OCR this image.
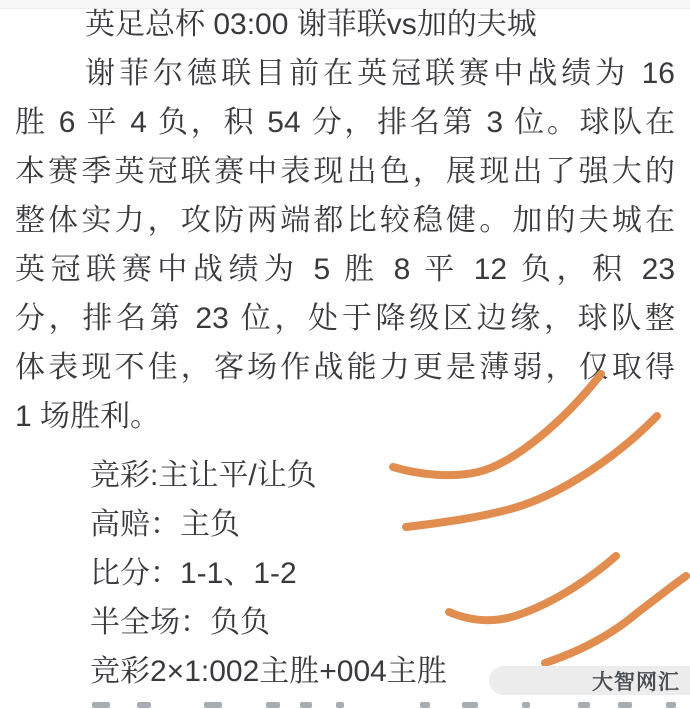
英足总杯 03:00 谢菲联vs加的夫城
谢菲尔德联目前在英冠联赛中战绩为 16
胜 6 平 4 负，积 54 分，排名第 3 位。球队在
本赛季英冠联赛中表现出色，展现出了强大的
整体实力，攻防两端都比较稳健。加的夫城在
英冠联赛中战绩为 5 胜 8 平 12 负，积 23
分，排名第 23 位，处于降级区边缘，球队整
体表现不佳，客场作战能力更是薄弱，仅取得
1 场胜利。
竞彩:主让平/让负
高赔：主负
比分：1-1、1-2
半全场：负负
竞彩2×1:002主胜+004主胜	大智网汇
